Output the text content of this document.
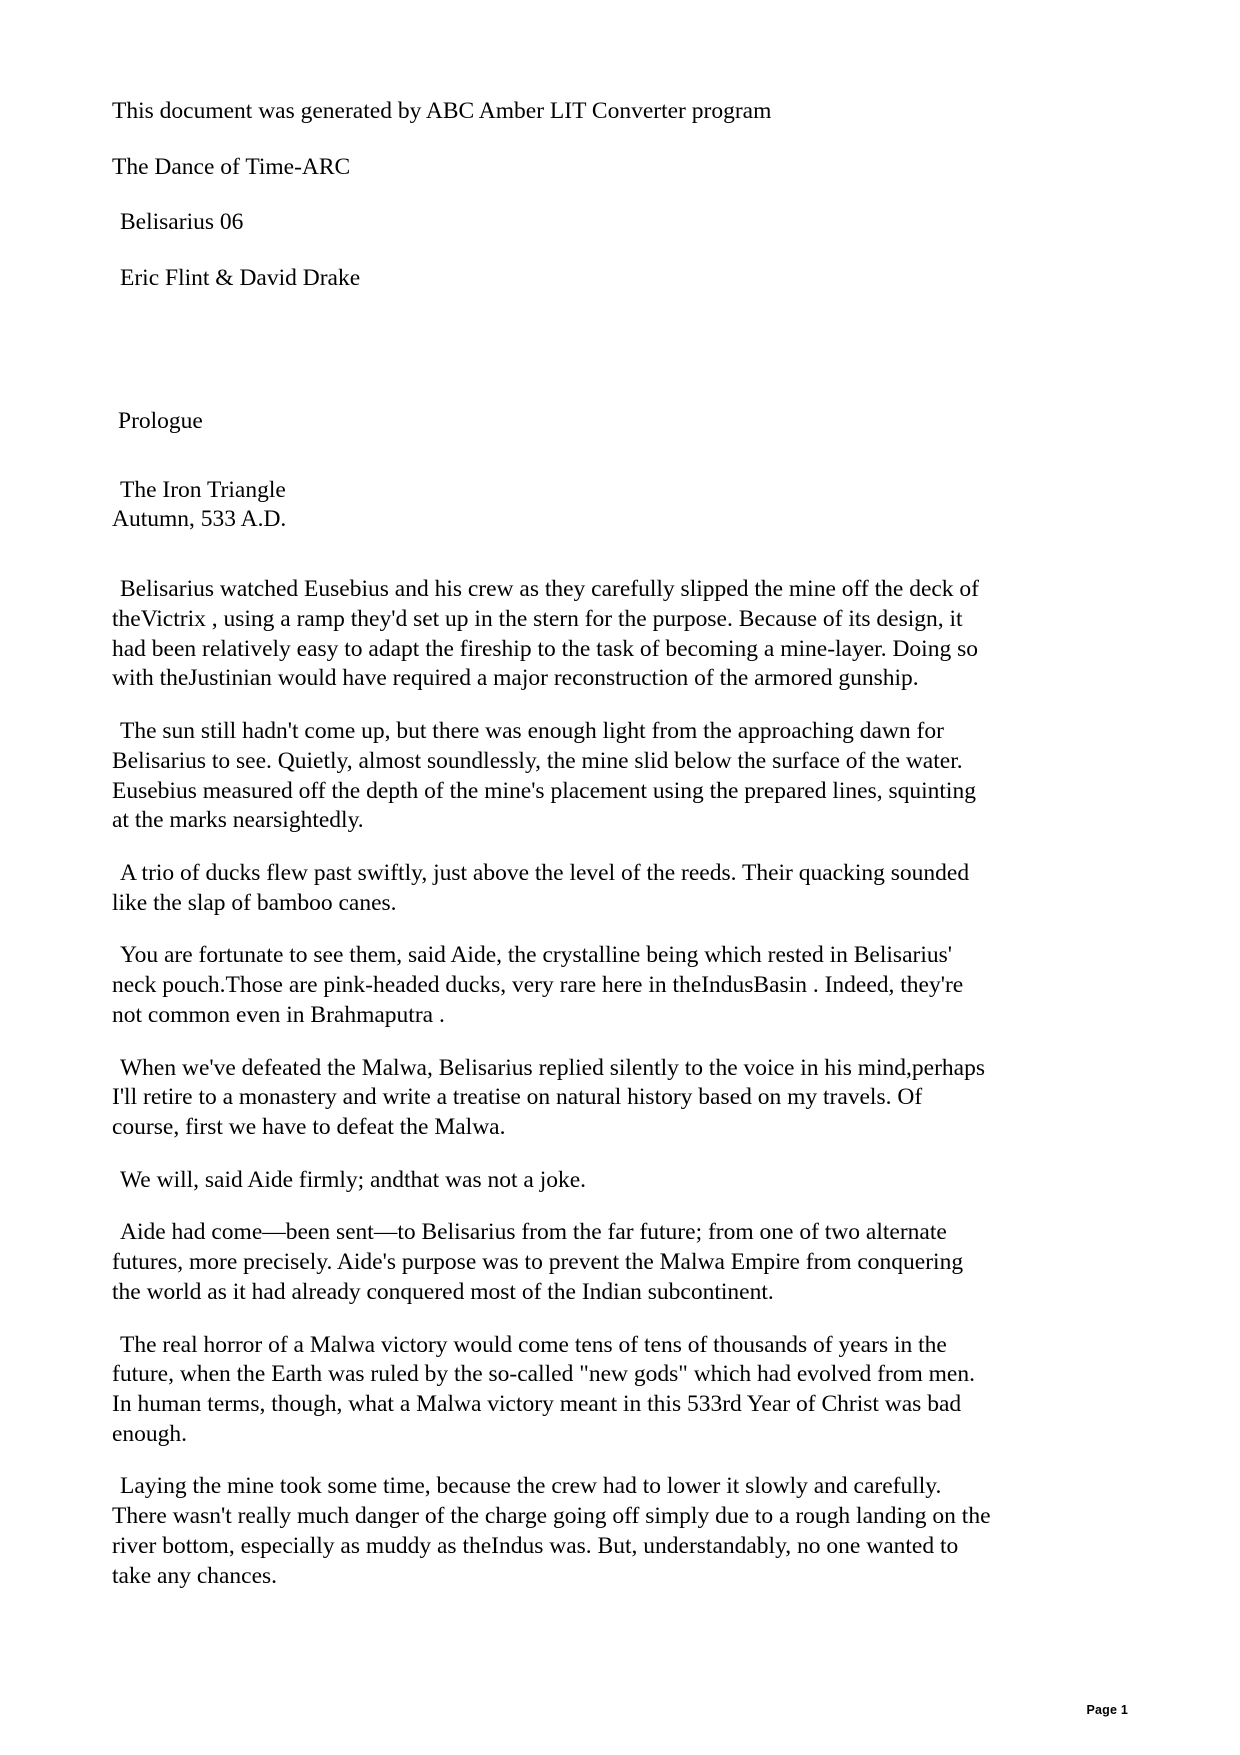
This document was generated by ABC Amber LIT Converter program
The Dance of Time-ARC
Belisarius 06
Eric Flint & David Drake
Prologue
The Iron Triangle
Autumn, 533 A.D.

Belisarius watched Eusebius and his crew as they carefully slipped the mine off the deck of theVictrix , using a ramp they'd set up in the stern for the purpose. Because of its design, it had been relatively easy to adapt the fireship to the task of becoming a mine-layer. Doing so with theJustinian would have required a major reconstruction of the armored gunship.

The sun still hadn't come up, but there was enough light from the approaching dawn for Belisarius to see. Quietly, almost soundlessly, the mine slid below the surface of the water. Eusebius measured off the depth of the mine's placement using the prepared lines, squinting at the marks nearsightedly.

A trio of ducks flew past swiftly, just above the level of the reeds. Their quacking sounded like the slap of bamboo canes.

You are fortunate to see them, said Aide, the crystalline being which rested in Belisarius' neck pouch.Those are pink-headed ducks, very rare here in theIndusBasin . Indeed, they're not common even in Brahmaputra .

When we've defeated the Malwa, Belisarius replied silently to the voice in his mind,perhaps I'll retire to a monastery and write a treatise on natural history based on my travels. Of course, first we have to defeat the Malwa.

We will, said Aide firmly; andthat was not a joke.

Aide had come—been sent—to Belisarius from the far future; from one of two alternate futures, more precisely. Aide's purpose was to prevent the Malwa Empire from conquering the world as it had already conquered most of the Indian subcontinent.

The real horror of a Malwa victory would come tens of tens of thousands of years in the future, when the Earth was ruled by the so-called "new gods" which had evolved from men. In human terms, though, what a Malwa victory meant in this 533rd Year of Christ was bad enough.

Laying the mine took some time, because the crew had to lower it slowly and carefully. There wasn't really much danger of the charge going off simply due to a rough landing on the river bottom, especially as muddy as theIndus was. But, understandably, no one wanted to take any chances.

Page 1
